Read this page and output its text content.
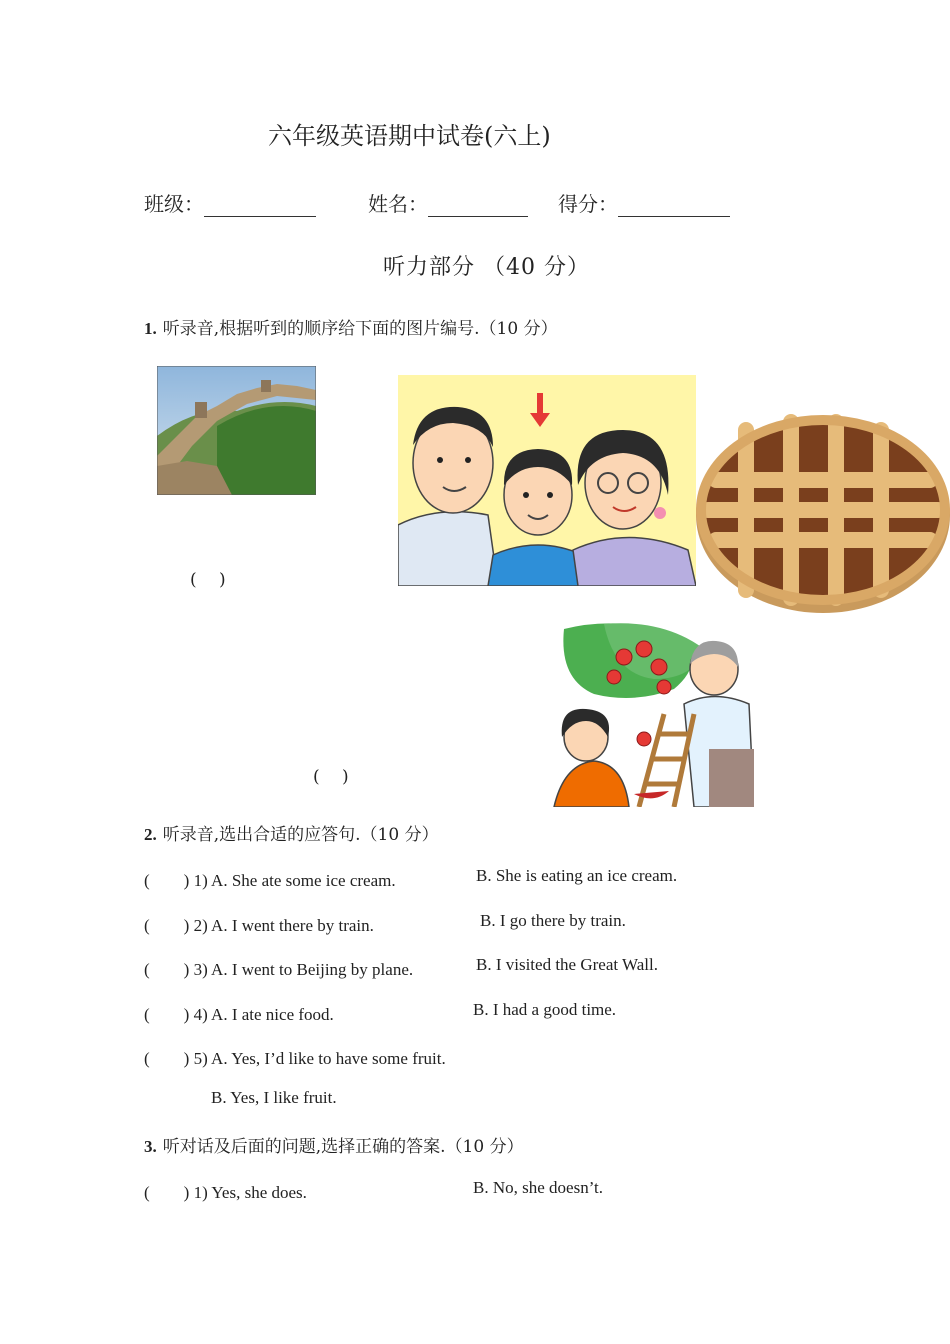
六年级英语期中试卷(六上)
班级：	姓名：	得分：
听力部分 （40 分）
1. 听录音,根据听到的顺序给下面的图片编号.（10 分）
(　 )
(　 )
2. 听录音,选出合适的应答句.（10 分）
(　　) 1) A. She ate some ice cream.	B. She is eating an ice cream.
(　　) 2) A. I went there by train.	B. I go there by train.
(　　) 3) A. I went to Beijing by plane.	B. I visited the Great Wall.
(　　) 4) A. I ate nice food.	B. I had a good time.
(　　) 5) A. Yes, I’d like to have some fruit.
B. Yes, I like fruit.
3. 听对话及后面的问题,选择正确的答案.（10 分）
(　　) 1) Yes, she does.	B. No, she doesn’t.
